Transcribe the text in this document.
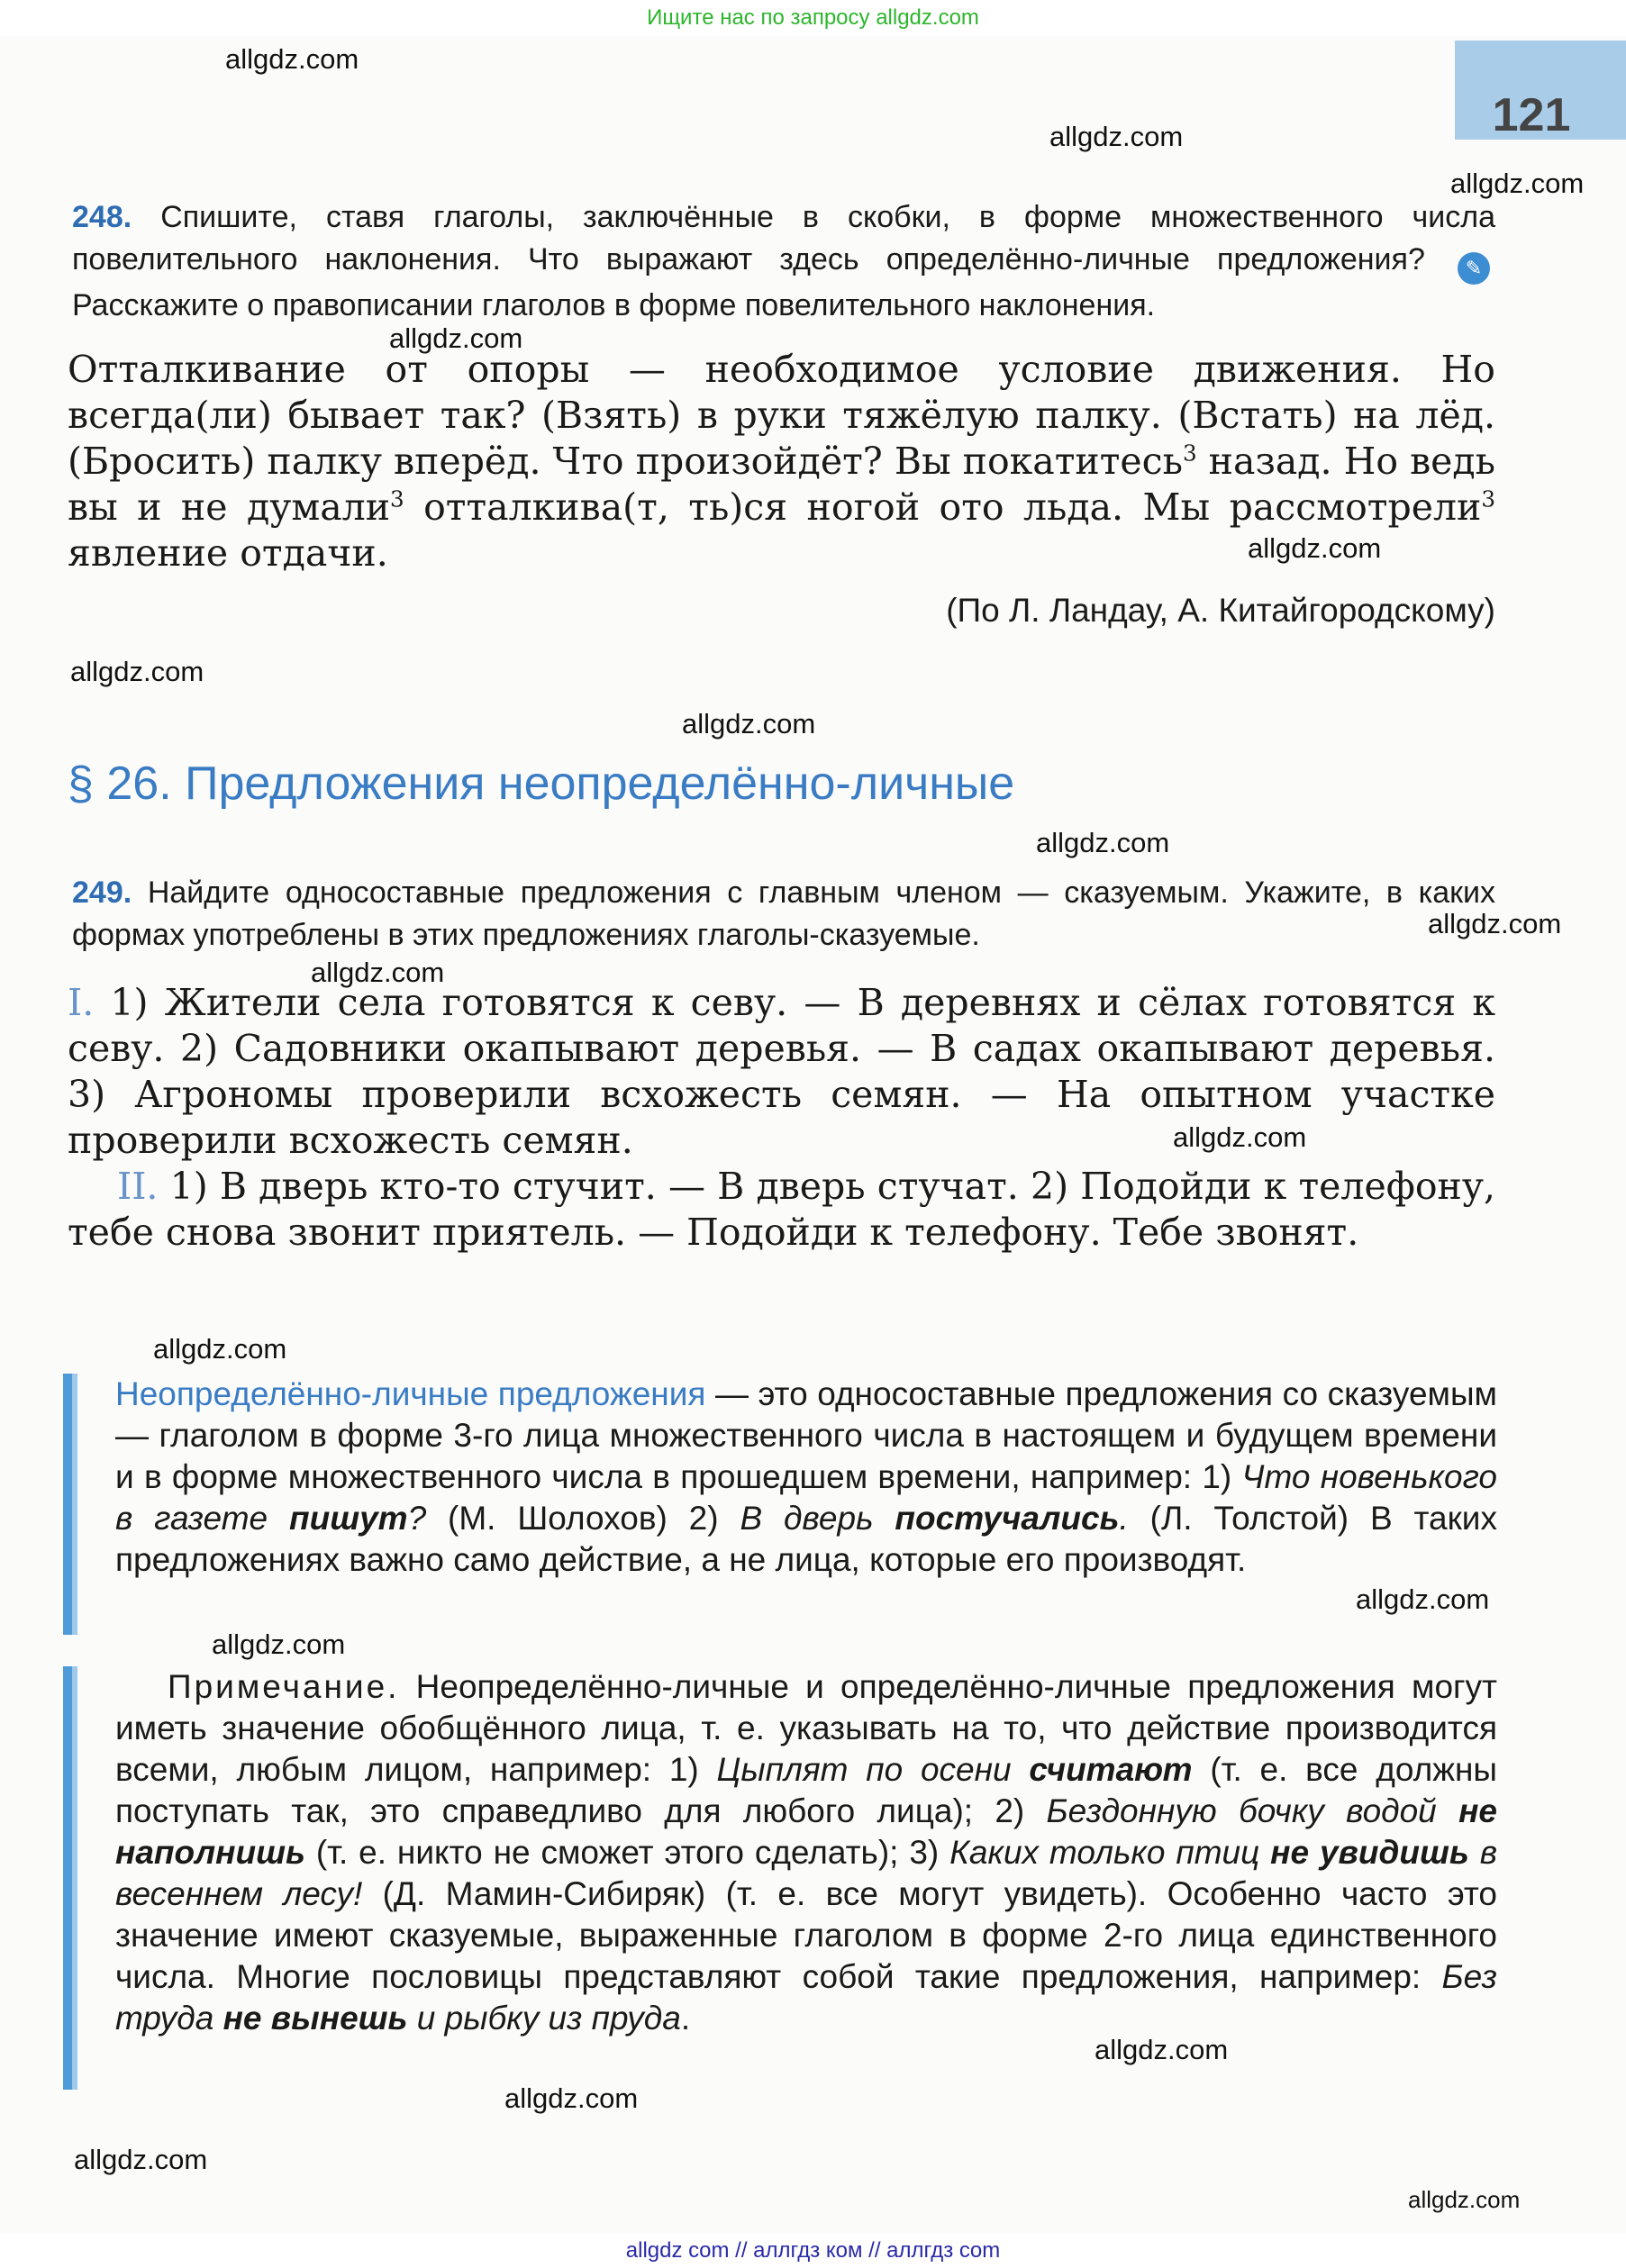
Ищите нас по запросу allgdz.com
121
248. Спишите, ставя глаголы, заключённые в скобки, в форме множественного числа повелительного наклонения. Что выражают здесь определённо-личные предложения? ✎ Расскажите о правописании глаголов в форме повелительного наклонения.
Отталкивание от опоры — необходимое условие движения. Но всегда(ли) бывает так? (Взять) в руки тяжёлую палку. (Встать) на лёд. (Бросить) палку вперёд. Что произойдёт? Вы покатитесь$^3$ назад. Но ведь вы и не думали$^3$ отталкива(т, ть)ся ногой ото льда. Мы рассмотрели$^3$ явление отдачи.
(По Л. Ландау, А. Китайгородскому)
§ 26. Предложения неопределённо-личные
249. Найдите односоставные предложения с главным членом — сказуемым. Укажите, в каких формах употреблены в этих предложениях глаголы-сказуемые.
I. 1) Жители села готовятся к севу. — В деревнях и сёлах готовятся к севу. 2) Садовники окапывают деревья. — В садах окапывают деревья. 3) Агрономы проверили всхожесть семян. — На опытном участке проверили всхожесть семян.
II. 1) В дверь кто-то стучит. — В дверь стучат. 2) Подойди к телефону, тебе снова звонит приятель. — Подойди к телефону. Тебе звонят.
Неопределённо-личные предложения — это односоставные предложения со сказуемым — глаголом в форме 3-го лица множественного числа в настоящем и будущем времени и в форме множественного числа в прошедшем времени, например: 1) Что новенького в газете пишут? (М. Шолохов) 2) В дверь постучались. (Л. Толстой) В таких предложениях важно само действие, а не лица, которые его производят.
Примечание. Неопределённо-личные и определённо-личные предложения могут иметь значение обобщённого лица, т. е. указывать на то, что действие производится всеми, любым лицом, например: 1) Цыплят по осени считают (т. е. все должны поступать так, это справедливо для любого лица); 2) Бездонную бочку водой не наполнишь (т. е. никто не сможет этого сделать); 3) Каких только птиц не увидишь в весеннем лесу! (Д. Мамин-Сибиряк) (т. е. все могут увидеть). Особенно часто это значение имеют сказуемые, выраженные глаголом в форме 2-го лица единственного числа. Многие пословицы представляют собой такие предложения, например: Без труда не вынешь и рыбку из пруда.
allgdz.com
allgdz.com
allgdz.com
allgdz.com
allgdz.com
allgdz.com
allgdz.com
allgdz.com
allgdz.com
allgdz.com
allgdz.com
allgdz.com
allgdz.com
allgdz.com
allgdz.com
allgdz.com
allgdz.com
allgdz.com
allgdz com // аллгдз ком // аллгдз com
